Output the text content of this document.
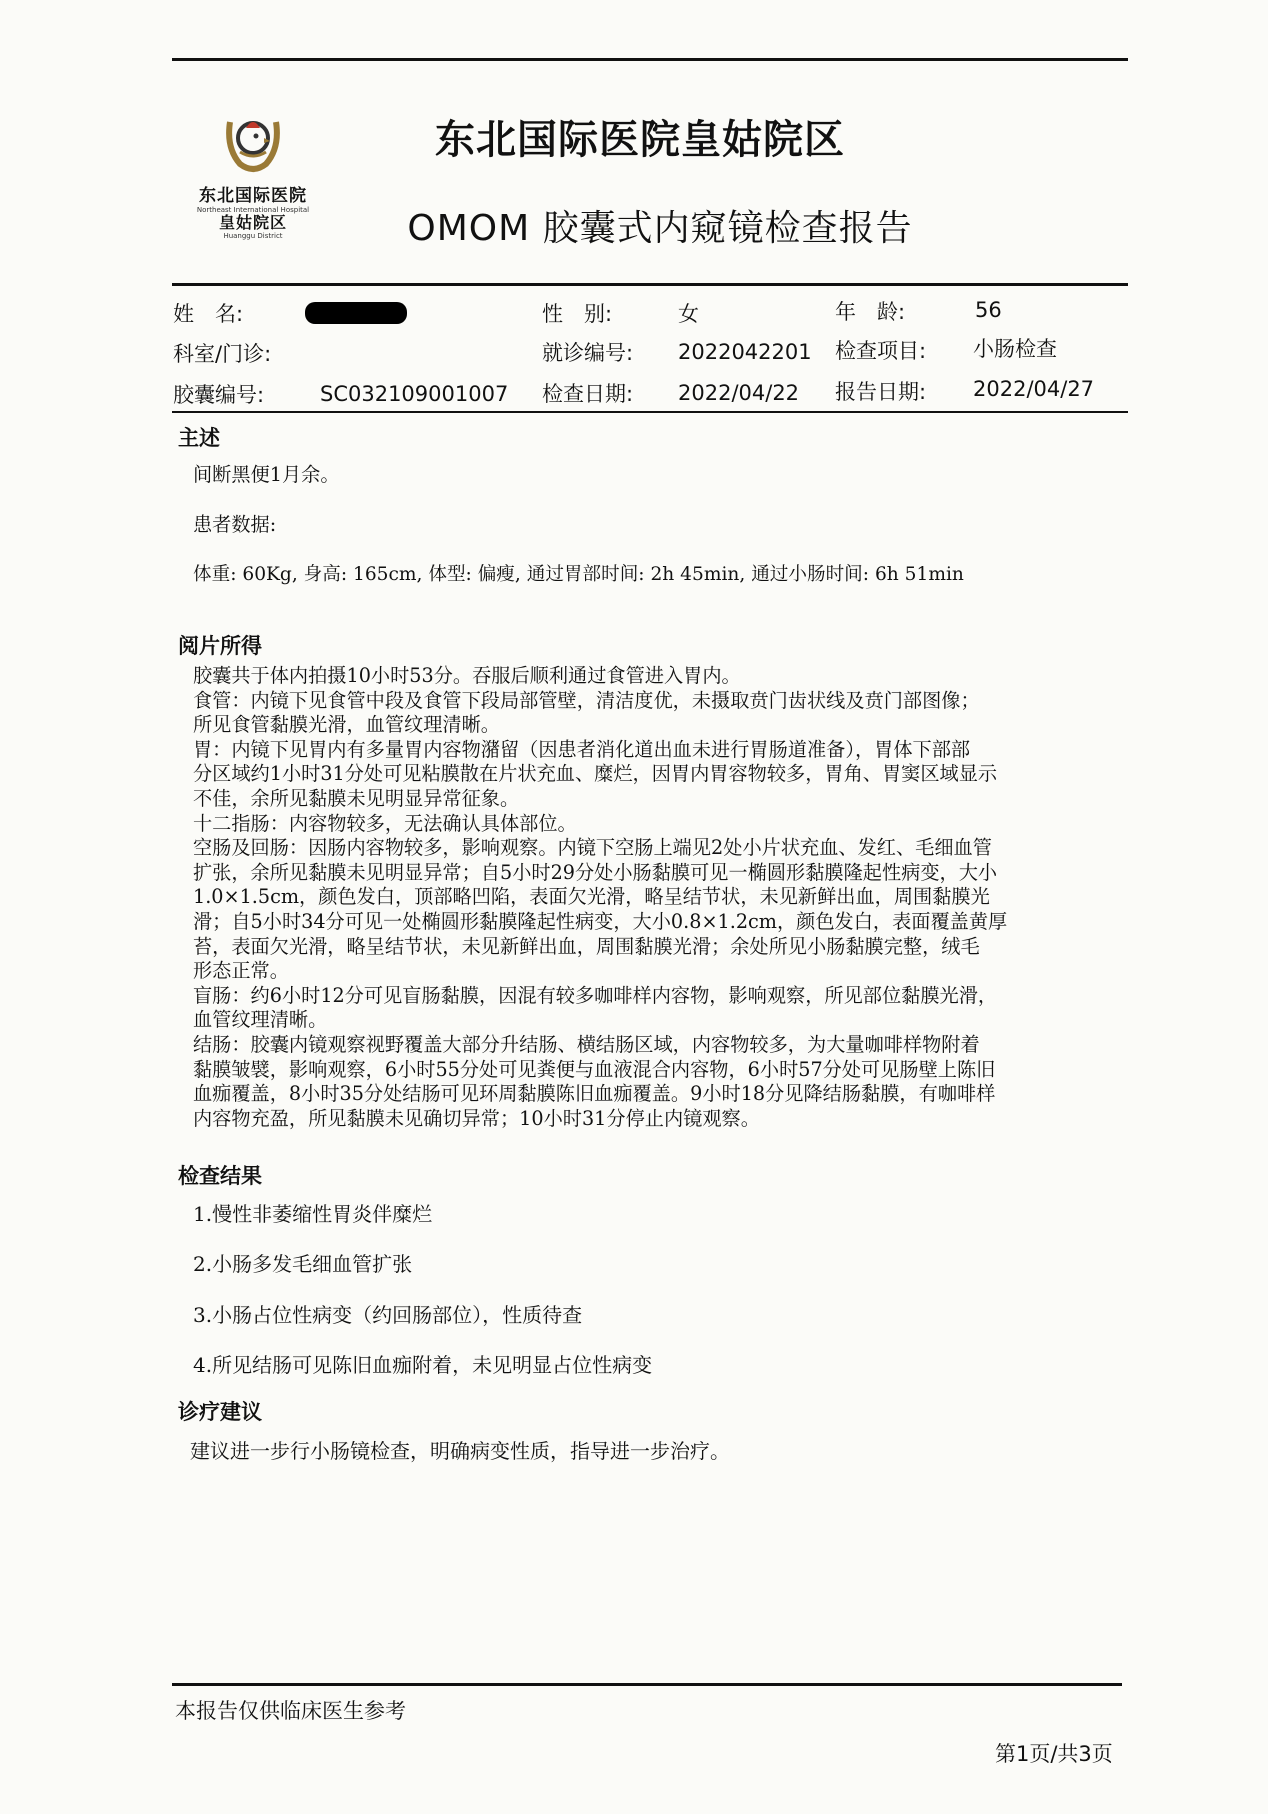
东北国际医院
Northeast International Hospital
皇姑院区
Huanggu District
东北国际医院皇姑院区
OMOM 胶囊式内窥镜检查报告
姓　名:	性　别:	女	年　龄:	56
科室/门诊:	就诊编号: 2022042201 检查项目: 小肠检查
胶囊编号:	SC032109001007 检查日期: 2022/04/22 报告日期: 2022/04/27
主述
间断黑便1月余。
患者数据:
体重: 60Kg, 身高: 165cm, 体型: 偏瘦, 通过胃部时间: 2h 45min, 通过小肠时间: 6h 51min
阅片所得
胶囊共于体内拍摄10小时53分。吞服后顺利通过食管进入胃内。
食管：内镜下见食管中段及食管下段局部管壁，清洁度优，未摄取贲门齿状线及贲门部图像；
所见食管黏膜光滑，血管纹理清晰。
胃：内镜下见胃内有多量胃内容物潴留（因患者消化道出血未进行胃肠道准备），胃体下部部
分区域约1小时31分处可见粘膜散在片状充血、糜烂，因胃内胃容物较多，胃角、胃窦区域显示
不佳，余所见黏膜未见明显异常征象。
十二指肠：内容物较多，无法确认具体部位。
空肠及回肠：因肠内容物较多，影响观察。内镜下空肠上端见2处小片状充血、发红、毛细血管
扩张，余所见黏膜未见明显异常；自5小时29分处小肠黏膜可见一椭圆形黏膜隆起性病变，大小
1.0×1.5cm，颜色发白，顶部略凹陷，表面欠光滑，略呈结节状，未见新鲜出血，周围黏膜光
滑；自5小时34分可见一处椭圆形黏膜隆起性病变，大小0.8×1.2cm，颜色发白，表面覆盖黄厚
苔，表面欠光滑，略呈结节状，未见新鲜出血，周围黏膜光滑；余处所见小肠黏膜完整，绒毛
形态正常。
盲肠：约6小时12分可见盲肠黏膜，因混有较多咖啡样内容物，影响观察，所见部位黏膜光滑，
血管纹理清晰。
结肠：胶囊内镜观察视野覆盖大部分升结肠、横结肠区域，内容物较多，为大量咖啡样物附着
黏膜皱襞，影响观察，6小时55分处可见粪便与血液混合内容物，6小时57分处可见肠壁上陈旧
血痂覆盖，8小时35分处结肠可见环周黏膜陈旧血痂覆盖。9小时18分见降结肠黏膜，有咖啡样
内容物充盈，所见黏膜未见确切异常；10小时31分停止内镜观察。
检查结果
1.慢性非萎缩性胃炎伴糜烂
2.小肠多发毛细血管扩张
3.小肠占位性病变（约回肠部位），性质待查
4.所见结肠可见陈旧血痂附着，未见明显占位性病变
诊疗建议
建议进一步行小肠镜检查，明确病变性质，指导进一步治疗。
本报告仅供临床医生参考
第1页/共3页
